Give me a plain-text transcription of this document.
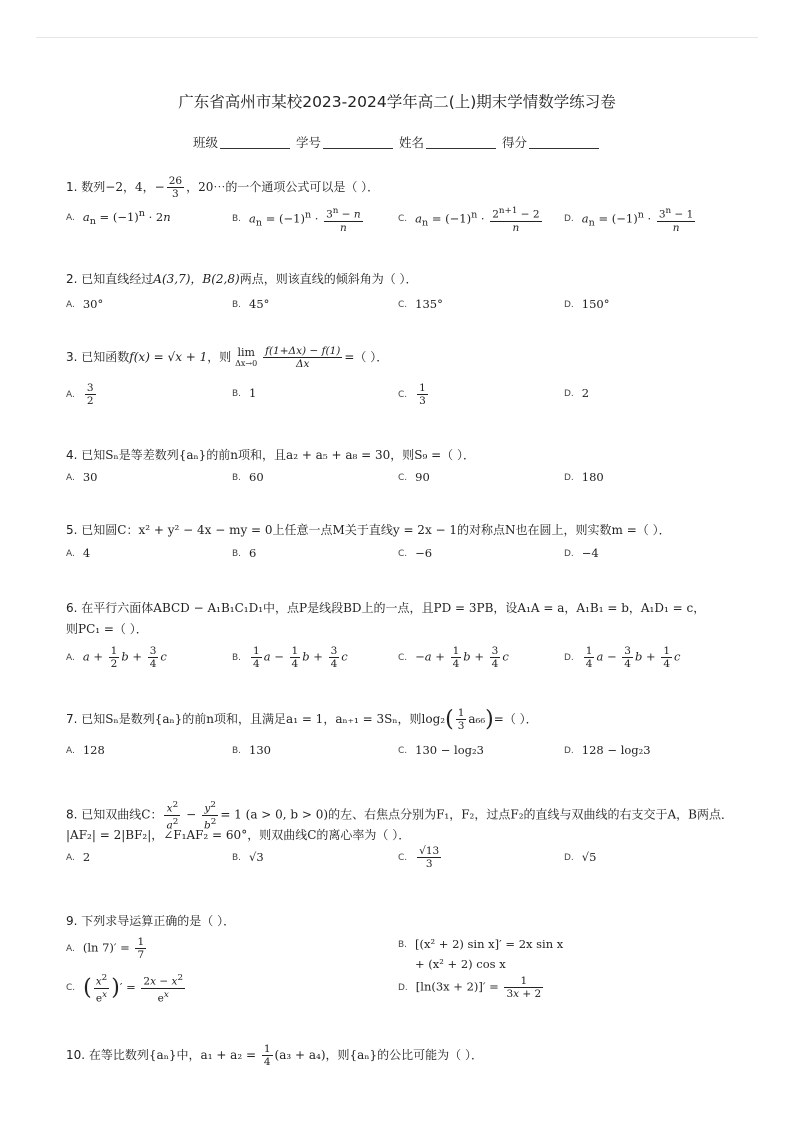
广东省高州市某校2023-2024学年高二(上)期末学情数学练习卷
班级	学号	姓名	得分
1. 数列−2，4，− $\frac{26}{3}$ ，20⋯的一个通项公式可以是（ ）．
A. $a_n = (-1)^n \cdot 2n$	B. $a_n = (-1)^n \cdot \frac{3^n - n}{n}$	C. $a_n = (-1)^n \cdot \frac{2^{n+1} - 2}{n} D$. $a_n = (-1)^n \cdot \frac{3^n - 1}{n}$
2. 已知直线经过A(3,7)，B(2,8)两点，则该直线的倾斜角为（ ）．
A. 30°	B. 45°	C. 135°	D. 150°
3. 已知函数f(x) = √x + 1，则 lim
Δx→0
$\frac{f(1+\Delta x) - f(1)}{\Delta x}$ =（ ）．
A. $\frac{3}{2}$	B. 1	C. $\frac{1}{3}$	D. 2
4. 已知Sₙ是等差数列{aₙ}的前n项和，且a₂ + a₅ + a₈ = 30，则S₉ =（ ）．
A. 30	B. 60	C. 90	D. 180
5. 已知圆C：x² + y² − 4x − my = 0上任意一点M关于直线y = 2x − 1的对称点N也在圆上，则实数m =（ ）．
A. 4	B. 6	C. −6	D. −4
6. 在平行六面体ABCD − A₁B₁C₁D₁中，点P是线段BD上的一点，且PD = 3PB，设A₁A = a，A₁B₁ = b，A₁D₁ = c，
则PC₁ =（ ）．
A. $a + \frac{1}{2}$ $b + \frac{3}{4}$ c	B. $\frac{1}{4}$ $a - \frac{1}{4}$ $b + \frac{3}{4}$ c	C. $-a + \frac{1}{4}$ $b + \frac{3}{4}$ c	D. $\frac{1}{4}$ $a - \frac{3}{4}$ $b + \frac{1}{4}$ c
7. 已知Sₙ是数列{aₙ}的前n项和，且满足a₁ = 1，aₙ₊₁ = 3Sₙ，则$\log_2( \frac{1}{3} a_{66})=$（ ）．
A. 128	B. 130	C. 130 − log₂3	D. 128 − log₂3
8. 已知双曲线C： $\frac{x^2}{a^2} - \frac{y^2}{b^2} = 1$ (a > 0, b > 0)的左、右焦点分别为F₁，F₂，过点F₂的直线与双曲线的右支交于A，B两点．
|AF₂| = 2|BF₂|，∠F₁AF₂ = 60°，则双曲线C的离心率为（ ）．
A. 2	B. √3	C. $\frac{√13}{3}$	D. √5
9. 下列求导运算正确的是（ ）．
A. (ln $7)' = \frac{1}{7}$	B. [(x² + 2) sin x]′ = 2x sin x
+ (x² + 2) cos x
C. ( $\frac{x^2}{e^x}$ )′ = $\frac{2x - x^2}{e^x}$	D. $[\ln(3x + 2)]' = \frac{1}{3x + 2}$
10. 在等比数列{aₙ}中，$a_1 + a_2 = \frac{1}{4} (a_3 + a_4)$，则{aₙ}的公比可能为（ ）．
